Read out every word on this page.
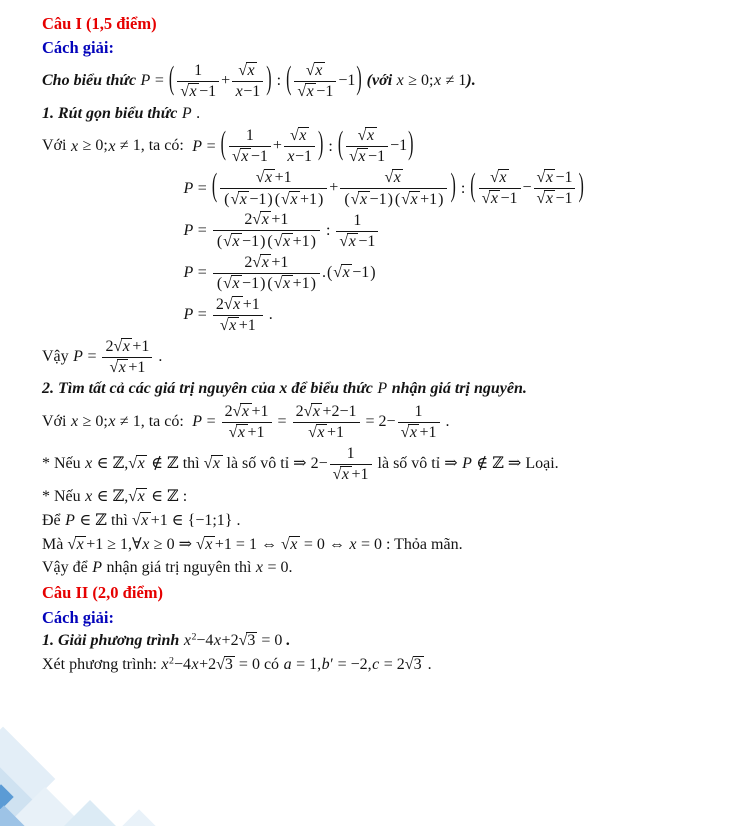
Câu I (1,5 điểm)
Cách giải:
Cho biểu thức P = ( $\frac{1}{√x -1} + \frac{√x}{x-1}$ ) : ( $\frac{√x}{√x -1} -1$ ) (với x ≥ 0;x ≠ 1).
1. Rút gọn biểu thức P .
Với x ≥ 0;x ≠ 1, ta có:  P = ( $\frac{1}{√x -1} + \frac{√x}{x-1}$ ) : ( $\frac{√x}{√x -1} -1$ )
P = ( $\frac{√x +1}{( √x -1 ) ( √x +1 )} + \frac{√x}{( √x -1 ) ( √x +1 )}$ ) : ( $\frac{√x}{√x -1} - \frac{√x -1}{√x -1}$ )
$P = \frac{2√x +1}{( √x -1 ) ( √x +1 )}$ : $\frac{1}{√x -1}$
$P = \frac{2√x +1}{( √x -1 ) ( √x +1 )}$ . ( √x −1 )
$P = \frac{2√x +1}{√x +1}$ .
Vậy $P = \frac{2√x +1}{√x +1}$ .
2. Tìm tất cả các giá trị nguyên của x để biểu thức P nhận giá trị nguyên.
Với x ≥ 0;x ≠ 1, ta có:  $P = \frac{2√x +1}{√x +1} = \frac{2√x +2-1}{√x +1} = 2- \frac{1}{√x +1}$ .
* Nếu x ∈ ℤ,√x ∉ ℤ thì √x là số vô tỉ ⇒ $2- \frac{1}{√x +1}$ là số vô tỉ ⇒ P ∉ ℤ ⇒ Loại.
* Nếu x ∈ ℤ,√x ∈ ℤ :
Để P ∈ ℤ thì √x +1 ∈ {−1;1} .
Mà √x +1 ≥ 1,∀x ≥ 0 ⇒ √x +1 = 1 ⇔ √x = 0 ⇔ x = 0 : Thỏa mãn.
Vậy để P nhận giá trị nguyên thì x = 0.
Câu II (2,0 điểm)
Cách giải:
1. Giải phương trình $x^2-4x+2√3 = 0$ .
Xét phương trình: $x^2-4x+2√3 = 0$ có a = 1,b′ = −2,c = 2√3 .
